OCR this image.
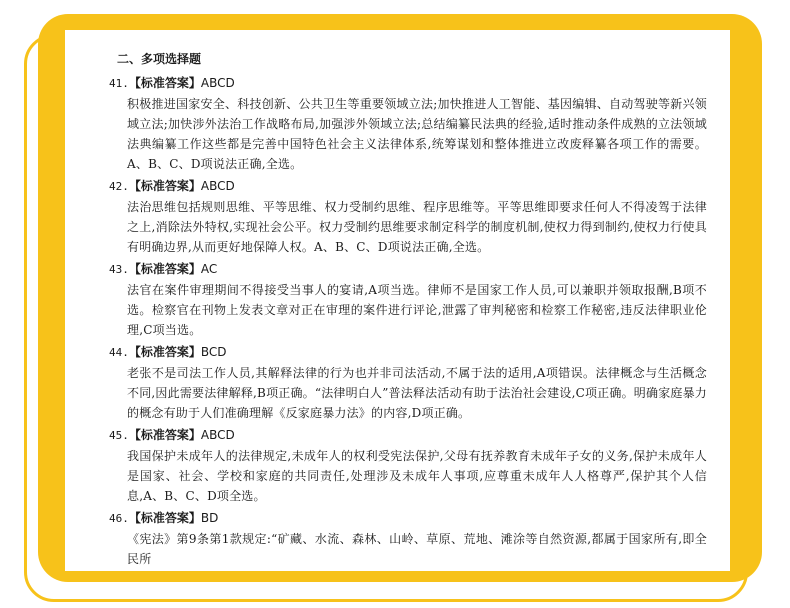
二、多项选择题
41.【标准答案】ABCD

积极推进国家安全、科技创新、公共卫生等重要领域立法;加快推进人工智能、基因编辑、自动驾驶等新兴领域立法;加快涉外法治工作战略布局,加强涉外领域立法;总结编纂民法典的经验,适时推动条件成熟的立法领域法典编纂工作这些都是完善中国特色社会主义法律体系,统筹谋划和整体推进立改废释纂各项工作的需要。A、B、C、D项说法正确,全选。

42.【标准答案】ABCD

法治思维包括规则思维、平等思维、权力受制约思维、程序思维等。平等思维即要求任何人不得凌驾于法律之上,消除法外特权,实现社会公平。权力受制约思维要求制定科学的制度机制,使权力得到制约,使权力行使具有明确边界,从而更好地保障人权。A、B、C、D项说法正确,全选。

43.【标准答案】AC

法官在案件审理期间不得接受当事人的宴请,A项当选。律师不是国家工作人员,可以兼职并领取报酬,B项不选。检察官在刊物上发表文章对正在审理的案件进行评论,泄露了审判秘密和检察工作秘密,违反法律职业伦理,C项当选。

44.【标准答案】BCD

老张不是司法工作人员,其解释法律的行为也并非司法活动,不属于法的适用,A项错误。法律概念与生活概念不同,因此需要法律解释,B项正确。“法律明白人”普法释法活动有助于法治社会建设,C项正确。明确家庭暴力的概念有助于人们准确理解《反家庭暴力法》的内容,D项正确。

45.【标准答案】ABCD

我国保护未成年人的法律规定,未成年人的权利受宪法保护,父母有抚养教育未成年子女的义务,保护未成年人是国家、社会、学校和家庭的共同责任,处理涉及未成年人事项,应尊重未成年人人格尊严,保护其个人信息,A、B、C、D项全选。

46.【标准答案】BD

《宪法》第9条第1款规定:“矿藏、水流、森林、山岭、草原、荒地、滩涂等自然资源,都属于国家所有,即全民所
